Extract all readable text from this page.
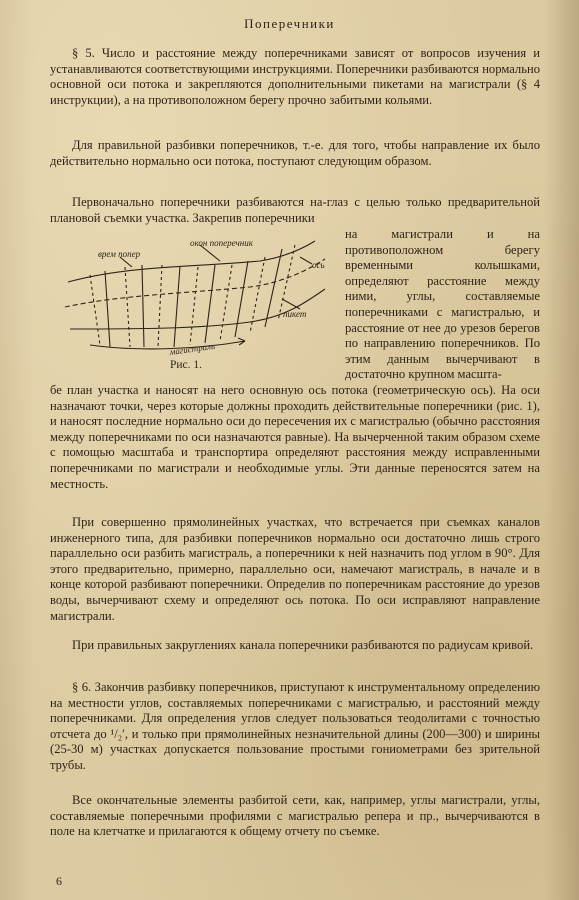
Поперечники

§ 5. Число и расстояние между поперечниками зависят от вопросов изучения и устанавливаются соответствующими инструкциями. Поперечники разбиваются нормально основной оси потока и закрепляются дополнительными пикетами на магистрали (§ 4 инструкции), а на противоположном берегу прочно забитыми кольями.

Для правильной разбивки поперечников, т.-е. для того, чтобы направление их было действительно нормально оси потока, поступают следующим образом.

Первоначально поперечники разбиваются на-глаз с целью только предварительной плановой съемки участка. Закрепив поперечники

окон поперечник
врем попер
ось
пикет
магистраль
Рис. 1.

на магистрали и на противоположном берегу временными колышками, определяют расстояние между ними, углы, составляемые поперечниками с магистралью, и расстояние от нее до урезов берегов по направлению поперечников. По этим данным вычерчивают в достаточно крупном масшта-

бе план участка и наносят на него основную ось потока (геометрическую ось). На оси назначают точки, через которые должны проходить действительные поперечники (рис. 1), и наносят последние нормально оси до пересечения их с магистралью (обычно расстояния между поперечниками по оси назначаются равные). На вычерченной таким образом схеме с помощью масштаба и транспортира определяют расстояния между исправленными поперечниками по магистрали и необходимые углы. Эти данные переносятся затем на местность.

При совершенно прямолинейных участках, что встречается при съемках каналов инженерного типа, для разбивки поперечников нормально оси достаточно лишь строго параллельно оси разбить магистраль, а поперечники к ней назначить под углом в 90°. Для этого предварительно, примерно, параллельно оси, намечают магистраль, в начале и в конце которой разбивают поперечники. Определив по поперечникам расстояние до урезов воды, вычерчивают схему и определяют ось потока. По оси исправляют направление магистрали.

При правильных закруглениях канала поперечники разбиваются по радиусам кривой.

§ 6. Закончив разбивку поперечников, приступают к инструментальному определению на местности углов, составляемых поперечниками с магистралью, и расстояний между поперечниками. Для определения углов следует пользоваться теодолитами с точностью отсчета до ¹/₂′, и только при прямолинейных незначительной длины (200—300) и ширины (25-30 м) участках допускается пользование простыми гониометрами без зрительной трубы.

Все окончательные элементы разбитой сети, как, например, углы магистрали, углы, составляемые поперечными профилями с магистралью репера и пр., вычерчиваются в поле на клетчатке и прилагаются к общему отчету по съемке.

6
